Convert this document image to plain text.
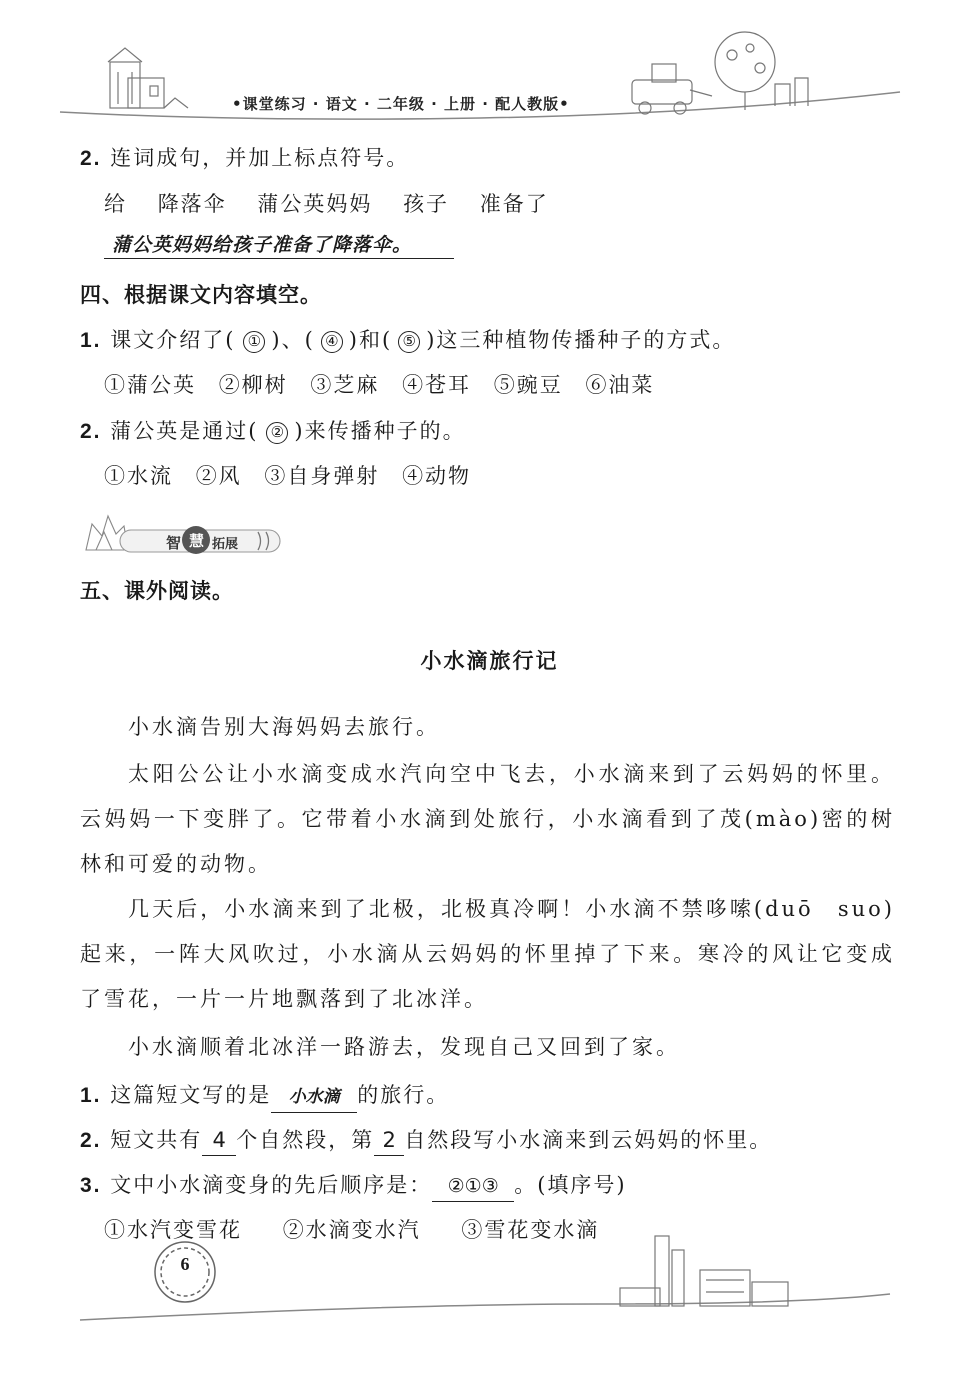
•课堂练习 · 语文 · 二年级 · 上册 · 配人教版•
2. 连词成句，并加上标点符号。
给 降落伞 蒲公英妈妈 孩子 准备了
蒲公英妈妈给孩子准备了降落伞。
四、根据课文内容填空。
1. 课文介绍了( ① )、( ④ )和( ⑤ )这三种植物传播种子的方式。
①蒲公英 ②柳树 ③芝麻 ④苍耳 ⑤豌豆 ⑥油菜
2. 蒲公英是通过( ② )来传播种子的。
①水流 ②风 ③自身弹射 ④动物
智 慧 拓展
五、课外阅读。
小水滴旅行记
小水滴告别大海妈妈去旅行。
太阳公公让小水滴变成水汽向空中飞去，小水滴来到了云妈妈的怀里。云妈妈一下变胖了。它带着小水滴到处旅行，小水滴看到了茂(mào)密的树林和可爱的动物。
几天后，小水滴来到了北极，北极真冷啊！小水滴不禁哆嗦(duō　suo)起来，一阵大风吹过，小水滴从云妈妈的怀里掉了下来。寒冷的风让它变成了雪花，一片一片地飘落到了北冰洋。
小水滴顺着北冰洋一路游去，发现自己又回到了家。
1. 这篇短文写的是 小水滴 的旅行。
2. 短文共有 4 个自然段，第 2 自然段写小水滴来到云妈妈的怀里。
3. 文中小水滴变身的先后顺序是： ②①③ 。(填序号)
①水汽变雪花 ②水滴变水汽 ③雪花变水滴
6
